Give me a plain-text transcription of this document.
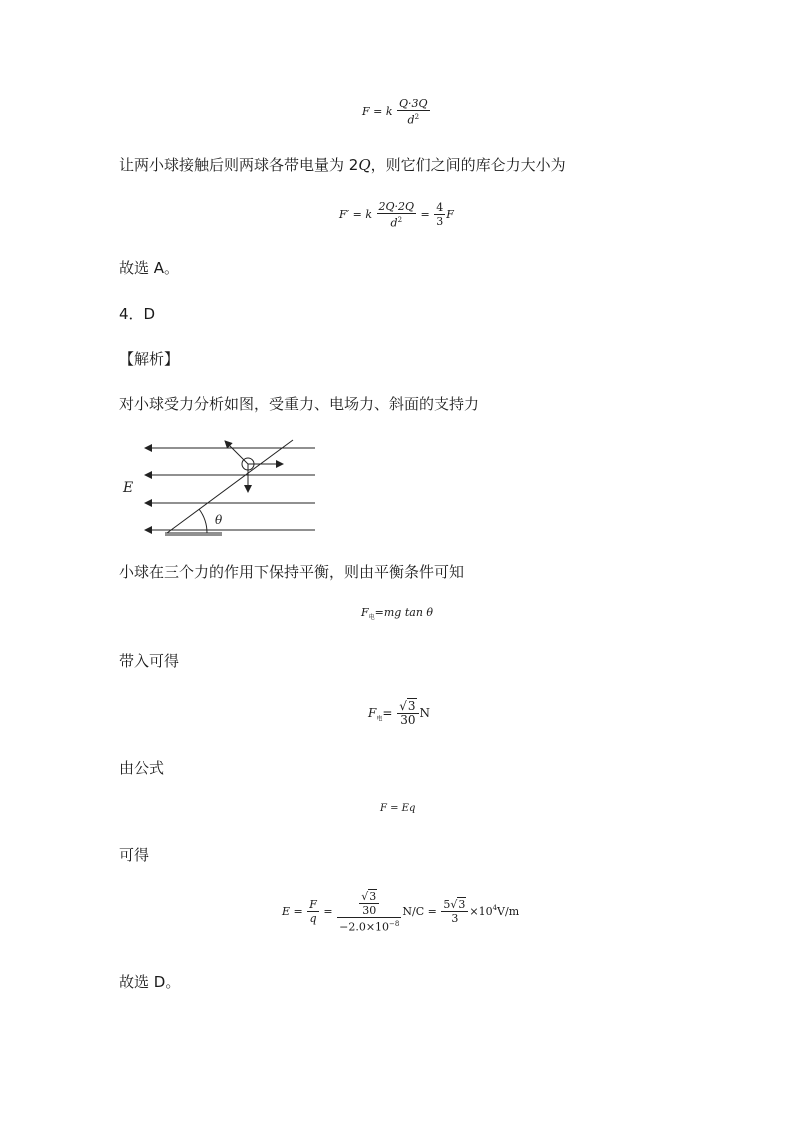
F = k $\frac{Q\cdot 3Q}{d^2}$
让两小球接触后则两球各带电量为 2Q，则它们之间的库仑力大小为
F′ = k $\frac{2Q\cdot 2Q}{d^2} = \frac{4}{3}$ F
故选 A。
4．D
【解析】
对小球受力分析如图，受重力、电场力、斜面的支持力
E
θ
小球在三个力的作用下保持平衡，则由平衡条件可知
$F_电=mg$ tan θ
带入可得
$F_电= \frac{√3}{30}$ N
由公式
F = Eq
可得
$E = \frac{F}{q} = \frac{\frac{√3}{30}}{-2.0\times 10^{-8}} N/C = \frac{5√3}{3} \times 10^4V/m$
故选 D。
